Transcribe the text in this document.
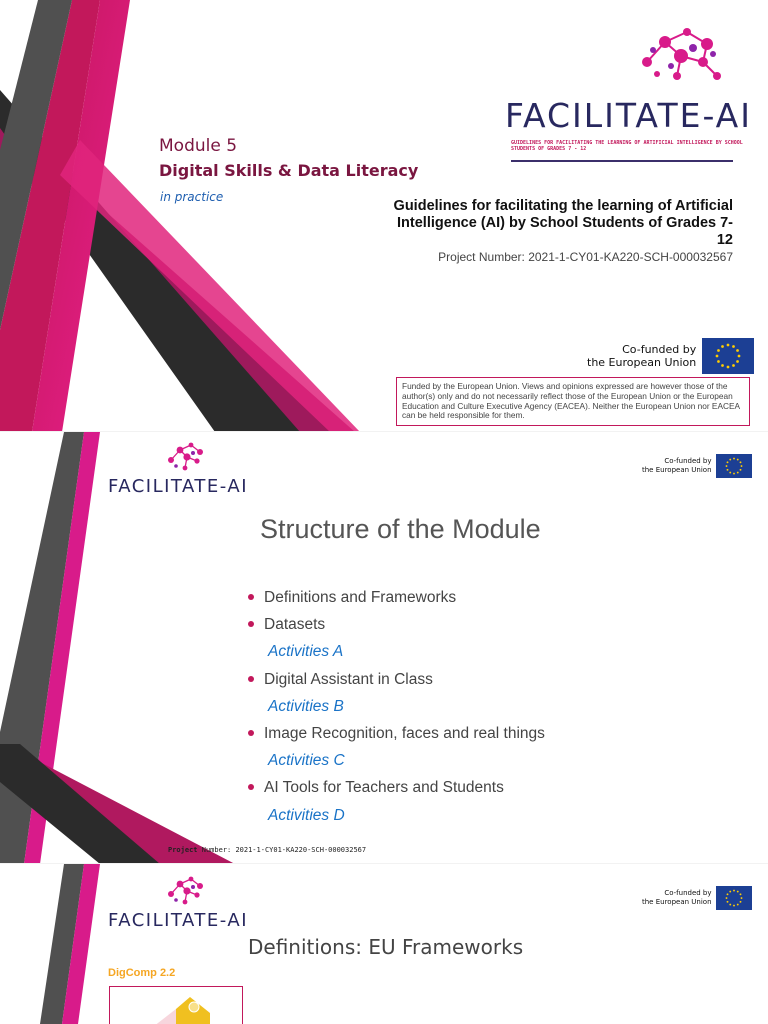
Module 5
Digital Skills & Data Literacy
in practice
FACILITATE-AI
GUIDELINES FOR FACILITATING THE LEARNING OF ARTIFICIAL INTELLIGENCE BY SCHOOL STUDENTS OF GRADES 7 - 12
Guidelines for facilitating the learning of Artificial Intelligence (AI) by School Students of Grades 7-12
Project Number: 2021-1-CY01-KA220-SCH-000032567
Co-funded by
the European Union
Funded by the European Union. Views and opinions expressed are however those of the author(s) only and do not necessarily reflect those of the European Union or the European Education and Culture Executive Agency (EACEA). Neither the European Union nor EACEA can be held responsible for them.
FACILITATE-AI
Co-funded by
the European Union
Structure of the Module
Definitions and Frameworks
Datasets
Activities A
Digital Assistant in Class
Activities B
Image Recognition, faces and real things
Activities C
AI Tools for Teachers and Students
Activities D
Project Number: 2021-1-CY01-KA220-SCH-000032567
FACILITATE-AI
Co-funded by
the European Union
Definitions: EU Frameworks
DigComp 2.2
